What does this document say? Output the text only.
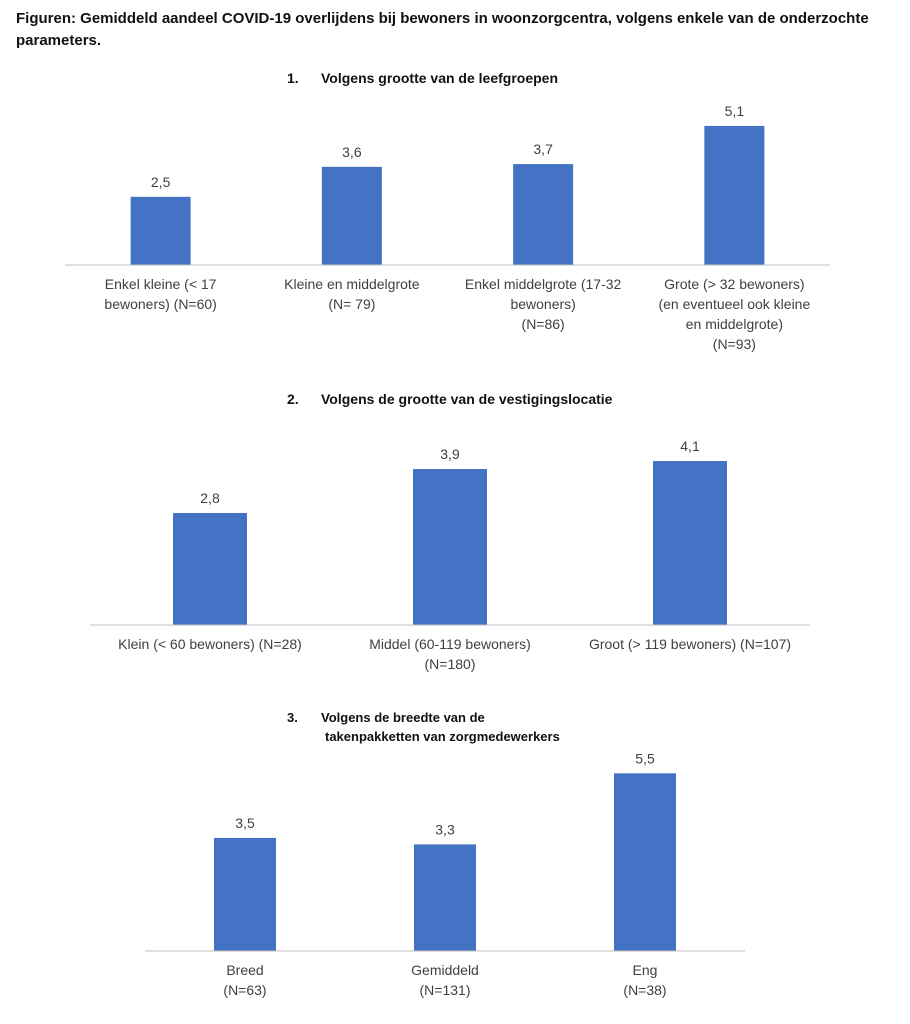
Figuren: Gemiddeld aandeel COVID-19 overlijdens bij bewoners in woonzorgcentra, volgens enkele van de onderzochte parameters.
1. Volgens grootte van de leefgroepen
2,5
Enkel kleine (< 17 bewoners) (N=60)
3,6
Kleine en middelgrote (N= 79)
3,7
Enkel middelgrote (17-32 bewoners) (N=86)
5,1
Grote (> 32 bewoners) (en eventueel ook kleine en middelgrote) (N=93)
2. Volgens de grootte van de vestigingslocatie
2,8
Klein (< 60 bewoners) (N=28)
3,9
Middel (60-119 bewoners) (N=180)
4,1
Groot (> 119 bewoners) (N=107)
3. Volgens de breedte van de
takenpakketten van zorgmedewerkers
3,5
Breed (N=63)
3,3
Gemiddeld (N=131)
5,5
Eng (N=38)
